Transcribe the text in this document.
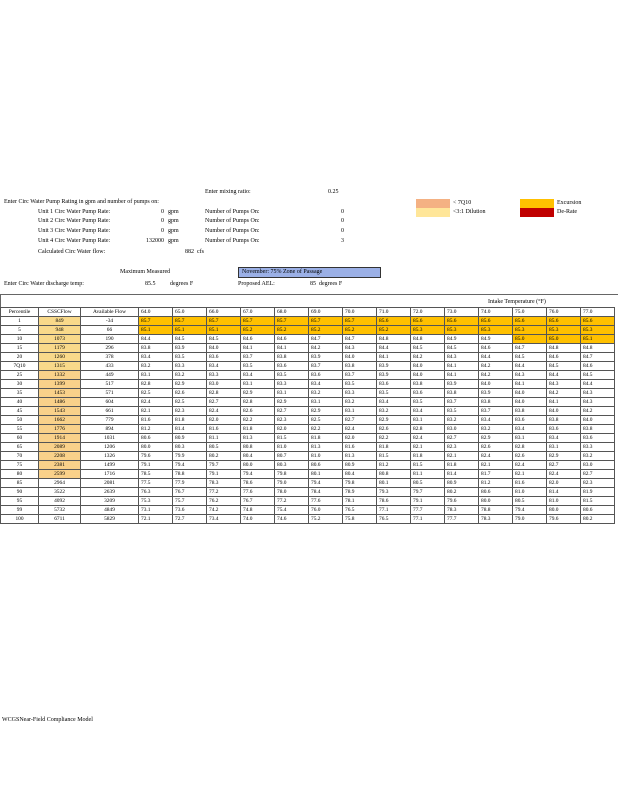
Enter mixing ratio:	0.25
< 7Q10
<3:1 Dilution
Excursion
De-Rate
Enter Circ Water Pump Rating in gpm and number of pumps on:
Unit 1 Circ Water Pump Rate:	0 gpm	Number of Pumps On:	0
Unit 2 Circ Water Pump Rate:	0 gpm	Number of Pumps On:	0
Unit 3 Circ Water Pump Rate:	0 gpm	Number of Pumps On:	0
Unit 4 Circ Water Pump Rate:	132000 gpm	Number of Pumps On:	3
Calculated Circ Water flow:	882 cfs
Maximum Measured	November: 75% Zone of Passage
Enter Circ Water discharge temp:	85.5 degrees F	Proposed AEL:	85 degrees F
Intake Temperature (°F)
Percentile	CSSCFlow	Available Flow	64.0	65.0	66.0	67.0	68.0	69.0	70.0	71.0	72.0	73.0	74.0	75.0	76.0	77.0
1	849	-34	85.7	85.7	85.7	85.7	85.7	85.7	85.7	85.6	85.6	85.6	85.6	85.6	85.6	85.6
5	948	66	85.1	85.1	85.1	85.2	85.2	85.2	85.2	85.2	85.3	85.3	85.3	85.3	85.3	85.3
10	1073	190	84.4	84.5	84.5	84.6	84.6	84.7	84.7	84.8	84.8	84.9	84.9	85.0	85.0	85.1
15	1179	296	83.8	83.9	84.0	84.1	84.1	84.2	84.3	84.4	84.5	84.5	84.6	84.7	84.8	84.8
20	1260	378	83.4	83.5	83.6	83.7	83.8	83.9	84.0	84.1	84.2	84.3	84.4	84.5	84.6	84.7
7Q10	1315	433	83.2	83.3	83.4	83.5	83.6	83.7	83.8	83.9	84.0	84.1	84.2	84.4	84.5	84.6
25	1332	449	83.1	83.2	83.3	83.4	83.5	83.6	83.7	83.9	84.0	84.1	84.2	84.3	84.4	84.5
30	1399	517	82.8	82.9	83.0	83.1	83.3	83.4	83.5	83.6	83.8	83.9	84.0	84.1	84.3	84.4
35	1453	571	82.5	82.6	82.8	82.9	83.1	83.2	83.3	83.5	83.6	83.8	83.9	84.0	84.2	84.3
40	1486	604	82.4	82.5	82.7	82.8	82.9	83.1	83.2	83.4	83.5	83.7	83.8	84.0	84.1	84.3
45	1543	661	82.1	82.3	82.4	82.6	82.7	82.9	83.1	83.2	83.4	83.5	83.7	83.8	84.0	84.2
50	1662	779	81.6	81.8	82.0	82.2	82.3	82.5	82.7	82.9	83.1	83.2	83.4	83.6	83.8	84.0
55	1776	894	81.2	81.4	81.6	81.8	82.0	82.2	82.4	82.6	82.8	83.0	83.2	83.4	83.6	83.8
60	1914	1031	80.6	80.9	81.1	81.3	81.5	81.8	82.0	82.2	82.4	82.7	82.9	83.1	83.4	83.6
65	2089	1206	80.0	80.3	80.5	80.8	81.0	81.3	81.6	81.8	82.1	82.3	82.6	82.8	83.1	83.3
70	2208	1326	79.6	79.9	80.2	80.4	80.7	81.0	81.3	81.5	81.8	82.1	82.4	82.6	82.9	83.2
75	2381	1499	79.1	79.4	79.7	80.0	80.3	80.6	80.9	81.2	81.5	81.8	82.1	82.4	82.7	83.0
80	2599	1716	78.5	78.8	79.1	79.4	79.8	80.1	80.4	80.8	81.1	81.4	81.7	82.1	82.4	82.7
85	2964	2081	77.5	77.9	78.3	78.6	79.0	79.4	79.8	80.1	80.5	80.9	81.2	81.6	82.0	82.3
90	3522	2639	76.3	76.7	77.2	77.6	78.0	78.4	78.9	79.3	79.7	80.2	80.6	81.0	81.4	81.9
95	4092	3209	75.3	75.7	76.2	76.7	77.2	77.6	78.1	78.6	79.1	79.6	80.0	80.5	81.0	81.5
99	5732	4849	73.1	73.6	74.2	74.8	75.4	76.0	76.5	77.1	77.7	78.3	78.8	79.4	80.0	80.6
100	6711	5829	72.1	72.7	73.4	74.0	74.6	75.2	75.8	76.5	77.1	77.7	78.3	79.0	79.6	80.2
WCGSNear-Field Compliance Model
